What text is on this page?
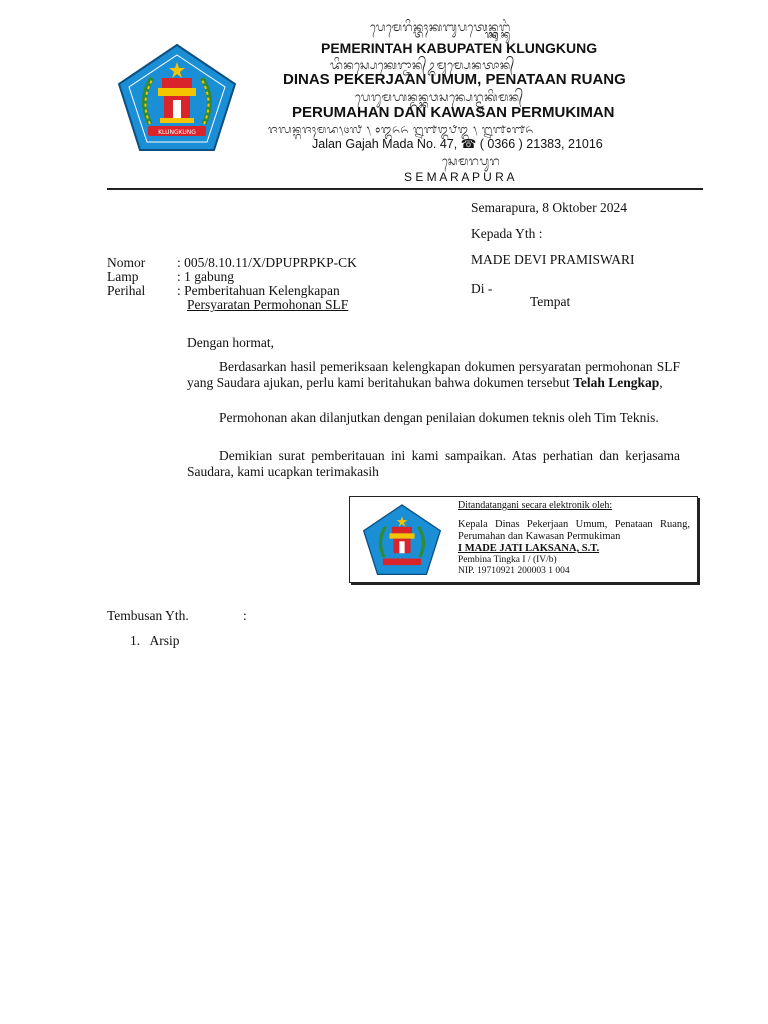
KLUNGKUNG
ᬧᬾᬫᬾᬭᬶᬦ᭄ᬢᬄᬓᬩᬸᬧᬢᬾᬦ᭄ᬓ᭄ᬮᬸᬗ᭄ᬓᬸᬂ
PEMERINTAH KABUPATEN KLUNGKUNG
ᬤᬶᬦᬲ᭄ᬧᬾᬓᬾᬭ᭄ᬚᬵᬦ᭄ᬉᬫᬸᬫ᭄ᬧᬾᬦᬢᬵᬦ᭄
DINAS PEKERJAAN UMUM, PENATAAN RUANG
ᬧᬾᬭᬸᬫᬳᬦ᭄ᬤᬦ᭄ᬓᬯᬲᬦ᭄ᬧᬾᬭ᭄ᬫᬸᬓᬶᬫᬦ᭄
PERUMAHAN DAN KAWASAN PERMUKIMAN
ᬚᬮᬦ᭄ᬕᬚᬄᬫᬤ᭞᭔᭗ ᭞ ᭐᭓᭖᭖ ᭒᭑᭓᭘᭓ ᭞ ᭒᭑᭐᭑᭖
Jalan Gajah Mada No. 47, ☎ ( 0366 ) 21383, 21016
ᬲᬾᬫᬭᬧᬸᬭ
S E M A R A P U R A
Semarapura, 8 Oktober 2024
Kepada Yth :
MADE DEVI PRAMISWARI
Di -
Tempat
Nomor : 005/8.10.11/X/DPUPRPKP-CK
Lamp	: 1 gabung
Perihal : Pemberitahuan Kelengkapan
Persyaratan Permohonan SLF
Dengan hormat,
Berdasarkan hasil pemeriksaan kelengkapan dokumen persyaratan permohonan SLF yang Saudara ajukan, perlu kami beritahukan bahwa dokumen tersebut Telah Lengkap,
Permohonan akan dilanjutkan dengan penilaian dokumen teknis oleh Tim Teknis.
Demikian surat pemberitauan ini kami sampaikan. Atas perhatian dan kerjasama Saudara, kami ucapkan terimakasih
Ditandatangani secara elektronik oleh:
Kepala Dinas Pekerjaan Umum, Penataan Ruang, Perumahan dan Kawasan Permukiman
I MADE JATI LAKSANA, S.T.
Pembina Tingka I / (IV/b)
NIP. 19710921 200003 1 004
Tembusan Yth.	:
1.   Arsip
